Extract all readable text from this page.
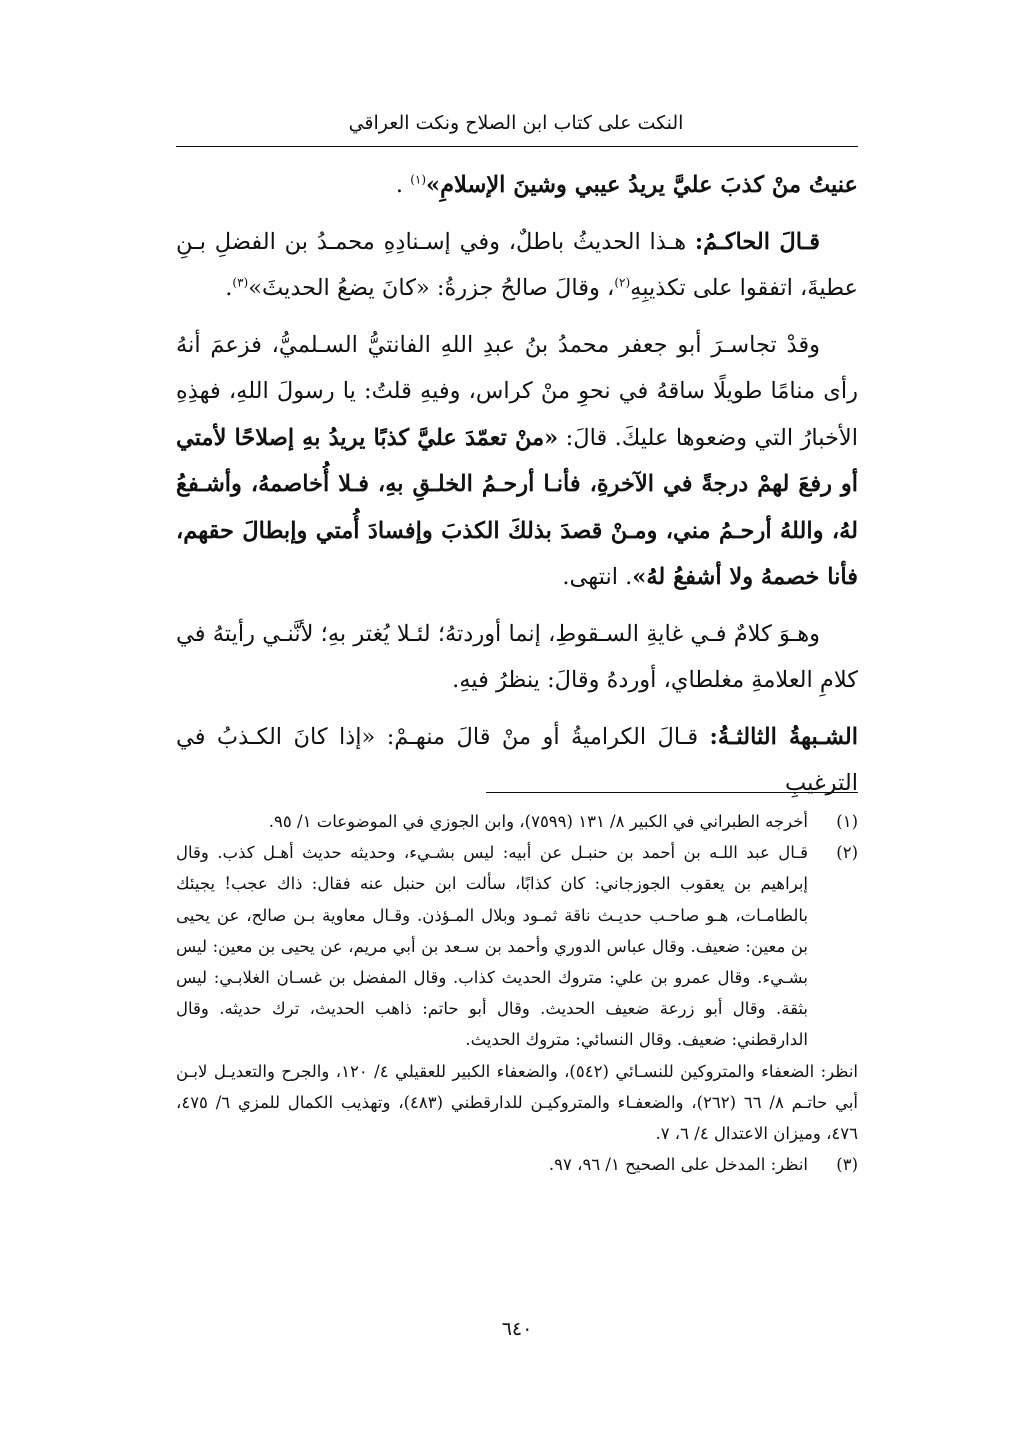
النكت على كتاب ابن الصلاح ونكت العراقي

عنيتُ منْ كذبَ عليَّ يريدُ عيبي وشينَ الإسلامِ»$^{(١)}$ .

قـالَ الحاكـمُ: هـذا الحديثُ باطلٌ، وفي إسـنادِهِ محمـدُ بن الفضلِ بـنِ عطيةَ، اتفقوا على تكذيبِهِ$^{(٢)}$، وقالَ صالحُ جزرةُ: «كانَ يضعُ الحديثَ»$^{(٣)}$.

وقدْ تجاسـرَ أبو جعفر محمدُ بنُ عبدِ اللهِ الفانتيُّ السـلميُّ، فزعمَ أنهُ رأى منامًا طويلًا ساقهُ في نحوِ منْ كراس، وفيهِ قلتُ: يا رسولَ اللهِ، فهذِهِ الأخبارُ التي وضعوها عليكَ. قالَ: «منْ تعمّدَ عليَّ كذبًا يريدُ بهِ إصلاحًا لأمتي أو رفعَ لهمْ درجةً في الآخرةِ، فأنـا أرحـمُ الخلـقِ بهِ، فـلا أُخاصمهُ، وأشـفعُ لهُ، واللهُ أرحـمُ مني، ومـنْ قصدَ بذلكَ الكذبَ وإفسادَ أُمتي وإبطالَ حقهم، فأنا خصمهُ ولا أشفعُ لهُ». انتهى.

وهـوَ كلامٌ فـي غايةِ السـقوطِ، إنما أوردتهُ؛ لئـلا يُغتر بهِ؛ لأنَّنـي رأيتهُ في كلامِ العلامةِ مغلطاي، أوردهُ وقالَ: ينظرُ فيهِ.

الشـبهةُ الثالثـةُ: قـالَ الكراميةُ أو منْ قالَ منهـمْ: «إذا كانَ الكـذبُ في الترغيبِ

(١)

أخرجه الطبراني في الكبير ٨/ ١٣١ (٧٥٩٩)، وابن الجوزي في الموضوعات ١/ ٩٥.

(٢)

قـال عبد اللـه بن أحمد بن حنبـل عن أبيه: ليس بشـيء، وحديثه حديث أهـل كذب. وقال إبراهيم بن يعقوب الجوزجاني: كان كذابًا، سألت ابن حنبل عنه فقال: ذاك عجب! يجيئك بالطامـات، هـو صاحـب حديـث ناقة ثمـود وبلال المـؤذن. وقـال معاوية بـن صالح، عن يحيى بن معين: ضعيف. وقال عباس الدوري وأحمد بن سـعد بن أبي مريم، عن يحيى بن معين: ليس بشـيء. وقال عمرو بن علي: متروك الحديث كذاب. وقال المفضل بن غسـان الغلابـي: ليس بثقة. وقال أبو زرعة ضعيف الحديث. وقال أبو حاتم: ذاهب الحديث، ترك حديثه. وقال الدارقطني: ضعيف. وقال النسائي: متروك الحديث.

انظر: الضعفاء والمتروكين للنسـائي (٥٤٢)، والضعفاء الكبير للعقيلي ٤/ ١٢٠، والجرح والتعديـل لابـن أبي حاتـم ٨/ ٦٦ (٢٦٢)، والضعفـاء والمتروكيـن للدارقطني (٤٨٣)، وتهذيب الكمال للمزي ٦/ ٤٧٥، ٤٧٦، وميزان الاعتدال ٤/ ٦، ٧.

(٣)

انظر: المدخل على الصحيح ١/ ٩٦، ٩٧.

٦٤٠
